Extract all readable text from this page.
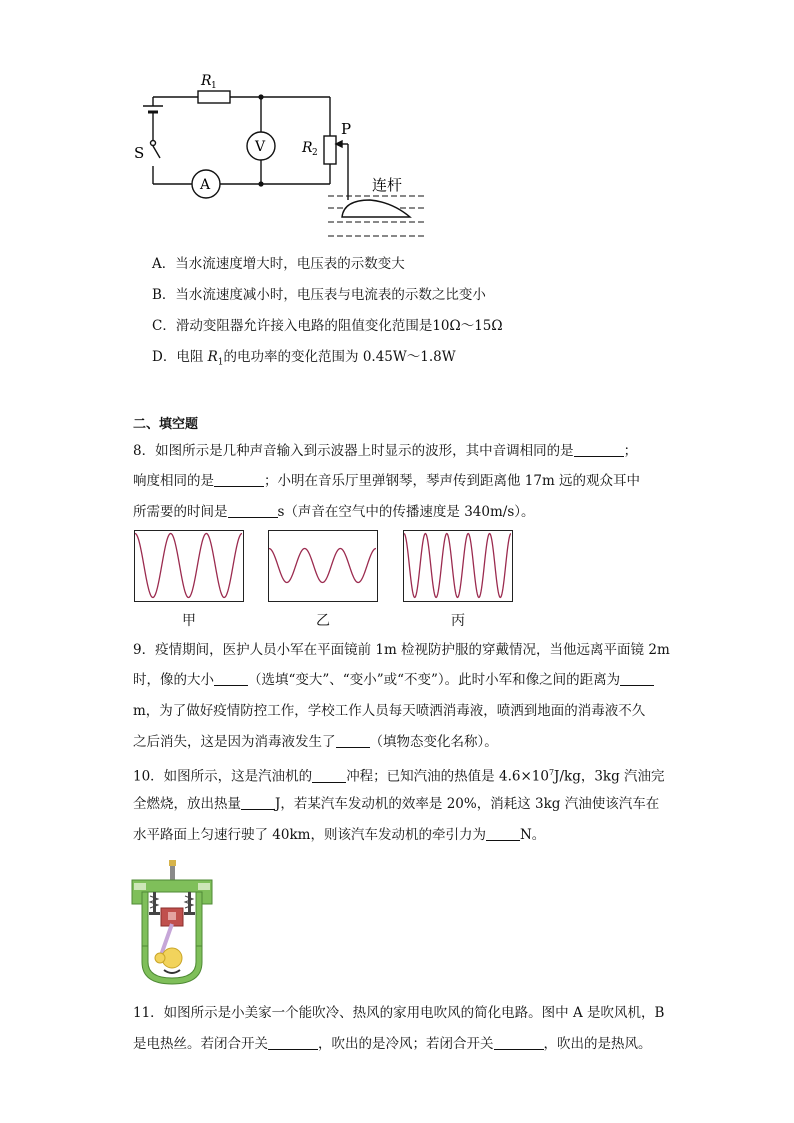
R 1
R 2
P
S	V
A	连杆
A．当水流速度增大时，电压表的示数变大
B．当水流速度减小时，电压表与电流表的示数之比变小
C．滑动变阻器允许接入电路的阻值变化范围是10Ω～15Ω
D．电阻 $R_1$的电功率的变化范围为 0.45W～1.8W
二、填空题
8．如图所示是几种声音输入到示波器上时显示的波形，其中音调相同的是	；
响度相同的是	；小明在音乐厅里弹钢琴，琴声传到距离他 17m 远的观众耳中
所需要的时间是	s（声音在空气中的传播速度是 340m/s）。
甲	乙	丙
9．疫情期间，医护人员小军在平面镜前 1m 检视防护服的穿戴情况，当他远离平面镜 2m
时，像的大小	（选填“变大”、“变小”或“不变”）。此时小军和像之间的距离为
m，为了做好疫情防控工作，学校工作人员每天喷洒消毒液，喷洒到地面的消毒液不久
之后消失，这是因为消毒液发生了	（填物态变化名称）。
10．如图所示，这是汽油机的	冲程；已知汽油的热值是 $4.6\times 10^7J/kg$，3kg 汽油完
全燃烧，放出热量	J，若某汽车发动机的效率是 20%，消耗这 3kg 汽油使该汽车在
水平路面上匀速行驶了 40km，则该汽车发动机的牵引力为	N。
11．如图所示是小美家一个能吹冷、热风的家用电吹风的简化电路。图中 A 是吹风机，B
是电热丝。若闭合开关	，吹出的是冷风；若闭合开关	，吹出的是热风。
